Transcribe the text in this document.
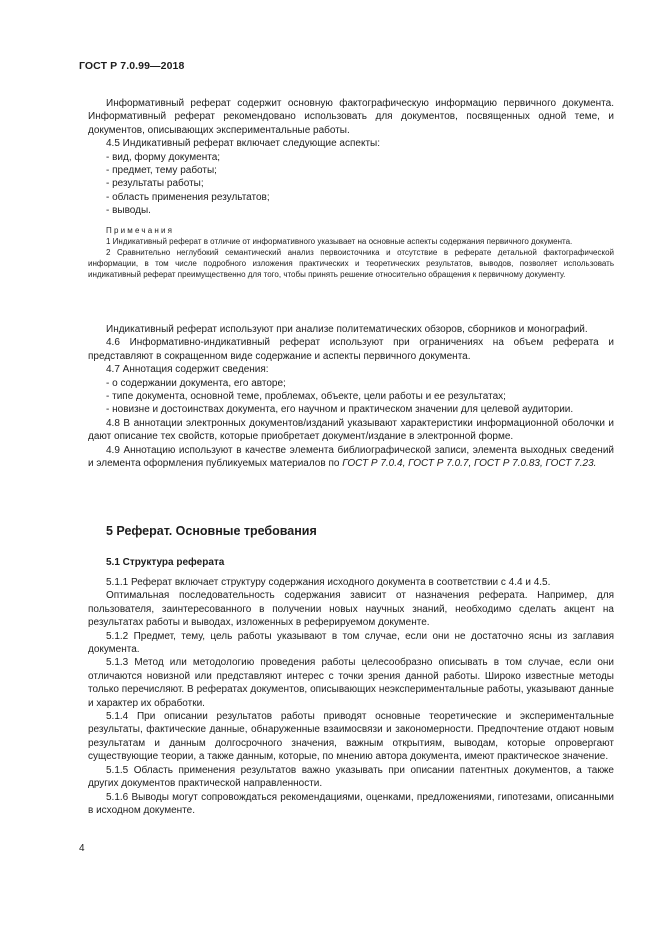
ГОСТ Р 7.0.99—2018

Информативный реферат содержит основную фактографическую информацию первичного документа. Информативный реферат рекомендовано использовать для документов, посвященных одной теме, и документов, описывающих экспериментальные работы.

4.5 Индикативный реферат включает следующие аспекты:

- вид, форму документа;

- предмет, тему работы;

- результаты работы;

- область применения результатов;

- выводы.

Примечания

1 Индикативный реферат в отличие от информативного указывает на основные аспекты содержания первичного документа.

2 Сравнительно неглубокий семантический анализ первоисточника и отсутствие в реферате детальной фактографической информации, в том числе подробного изложения практических и теоретических результатов, выводов, позволяет использовать индикативный реферат преимущественно для того, чтобы принять решение относительно обращения к первичному документу.

Индикативный реферат используют при анализе политематических обзоров, сборников и монографий.

4.6 Информативно-индикативный реферат используют при ограничениях на объем реферата и представляют в сокращенном виде содержание и аспекты первичного документа.

4.7 Аннотация содержит сведения:

- о содержании документа, его авторе;

- типе документа, основной теме, проблемах, объекте, цели работы и ее результатах;

- новизне и достоинствах документа, его научном и практическом значении для целевой аудитории.

4.8 В аннотации электронных документов/изданий указывают характеристики информационной оболочки и дают описание тех свойств, которые приобретает документ/издание в электронной форме.

4.9 Аннотацию используют в качестве элемента библиографической записи, элемента выходных сведений и элемента оформления публикуемых материалов по ГОСТ Р 7.0.4, ГОСТ Р 7.0.7, ГОСТ Р 7.0.83, ГОСТ 7.23.

5 Реферат. Основные требования
5.1 Структура реферата

5.1.1 Реферат включает структуру содержания исходного документа в соответствии с 4.4 и 4.5.

Оптимальная последовательность содержания зависит от назначения реферата. Например, для пользователя, заинтересованного в получении новых научных знаний, необходимо сделать акцент на результатах работы и выводах, изложенных в реферируемом документе.

5.1.2 Предмет, тему, цель работы указывают в том случае, если они не достаточно ясны из заглавия документа.

5.1.3 Метод или методологию проведения работы целесообразно описывать в том случае, если они отличаются новизной или представляют интерес с точки зрения данной работы. Широко известные методы только перечисляют. В рефератах документов, описывающих неэкспериментальные работы, указывают данные и характер их обработки.

5.1.4 При описании результатов работы приводят основные теоретические и экспериментальные результаты, фактические данные, обнаруженные взаимосвязи и закономерности. Предпочтение отдают новым результатам и данным долгосрочного значения, важным открытиям, выводам, которые опровергают существующие теории, а также данным, которые, по мнению автора документа, имеют практическое значение.

5.1.5 Область применения результатов важно указывать при описании патентных документов, а также других документов практической направленности.

5.1.6 Выводы могут сопровождаться рекомендациями, оценками, предложениями, гипотезами, описанными в исходном документе.

4
